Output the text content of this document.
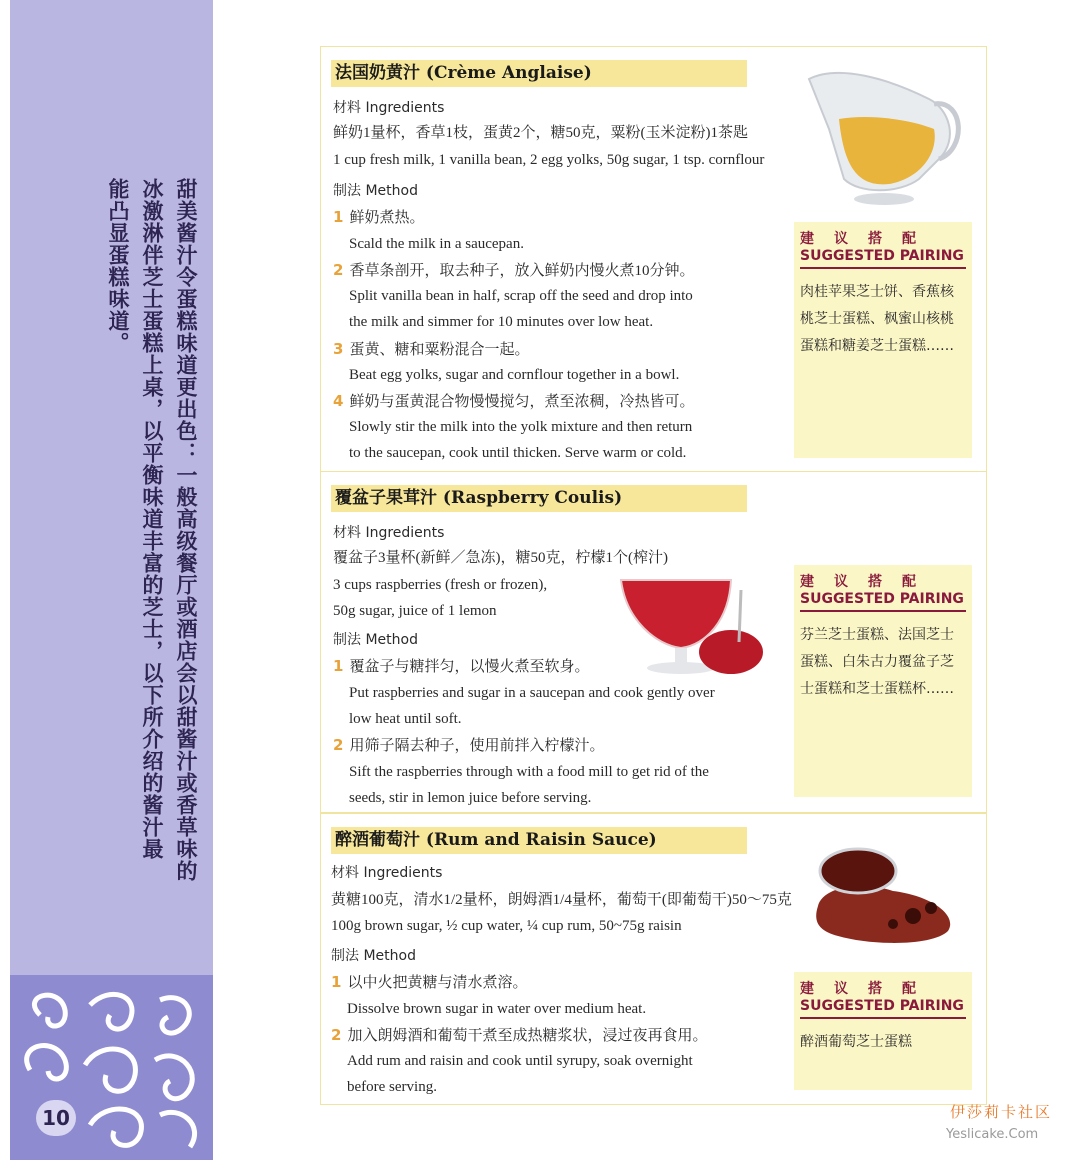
甜美酱汁令蛋糕味道更出色：一般高级餐厅或酒店会以甜酱汁或香草味的
冰激淋伴芝士蛋糕上桌，以平衡味道丰富的芝士，以下所介绍的酱汁最
能凸显蛋糕味道。
10
法国奶黄汁 (Crème Anglaise)
材料 Ingredients
鲜奶1量杯，香草1枝，蛋黄2个，糖50克，粟粉(玉米淀粉)1茶匙
1 cup fresh milk, 1 vanilla bean, 2 egg yolks, 50g sugar, 1 tsp. cornflour
制法 Method
1 鲜奶煮热。
Scald the milk in a saucepan.
2 香草条剖开，取去种子，放入鲜奶内慢火煮10分钟。
Split vanilla bean in half, scrap off the seed and drop into
the milk and simmer for 10 minutes over low heat.
3 蛋黄、糖和粟粉混合一起。
Beat egg yolks, sugar and cornflour together in a bowl.
4 鲜奶与蛋黄混合物慢慢搅匀，煮至浓稠，冷热皆可。
Slowly stir the milk into the yolk mixture and then return
to the saucepan, cook until thicken. Serve warm or cold.
建议搭配
SUGGESTED PAIRING
肉桂苹果芝士饼、香蕉核桃芝士蛋糕、枫蜜山核桃蛋糕和糖姜芝士蛋糕……
覆盆子果茸汁 (Raspberry Coulis)
材料 Ingredients
覆盆子3量杯(新鲜／急冻)，糖50克，柠檬1个(榨汁)
3 cups raspberries (fresh or frozen),
50g sugar, juice of 1 lemon
制法 Method
1 覆盆子与糖拌匀，以慢火煮至软身。
Put raspberries and sugar in a saucepan and cook gently over
low heat until soft.
2 用筛子隔去种子，使用前拌入柠檬汁。
Sift the raspberries through with a food mill to get rid of the
seeds, stir in lemon juice before serving.
建议搭配
SUGGESTED PAIRING
芬兰芝士蛋糕、法国芝士蛋糕、白朱古力覆盆子芝士蛋糕和芝士蛋糕杯……
醉酒葡萄汁 (Rum and Raisin Sauce)
材料 Ingredients
黄糖100克，清水1/2量杯，朗姆酒1/4量杯，葡萄干(即葡萄干)50～75克
100g brown sugar, ½ cup water, ¼ cup rum, 50~75g raisin
制法 Method
1 以中火把黄糖与清水煮溶。
Dissolve brown sugar in water over medium heat.
2 加入朗姆酒和葡萄干煮至成热糖浆状，浸过夜再食用。
Add rum and raisin and cook until syrupy, soak overnight
before serving.
建议搭配
SUGGESTED PAIRING
醉酒葡萄芝士蛋糕
伊莎莉卡社区
Yeslicake.Com
